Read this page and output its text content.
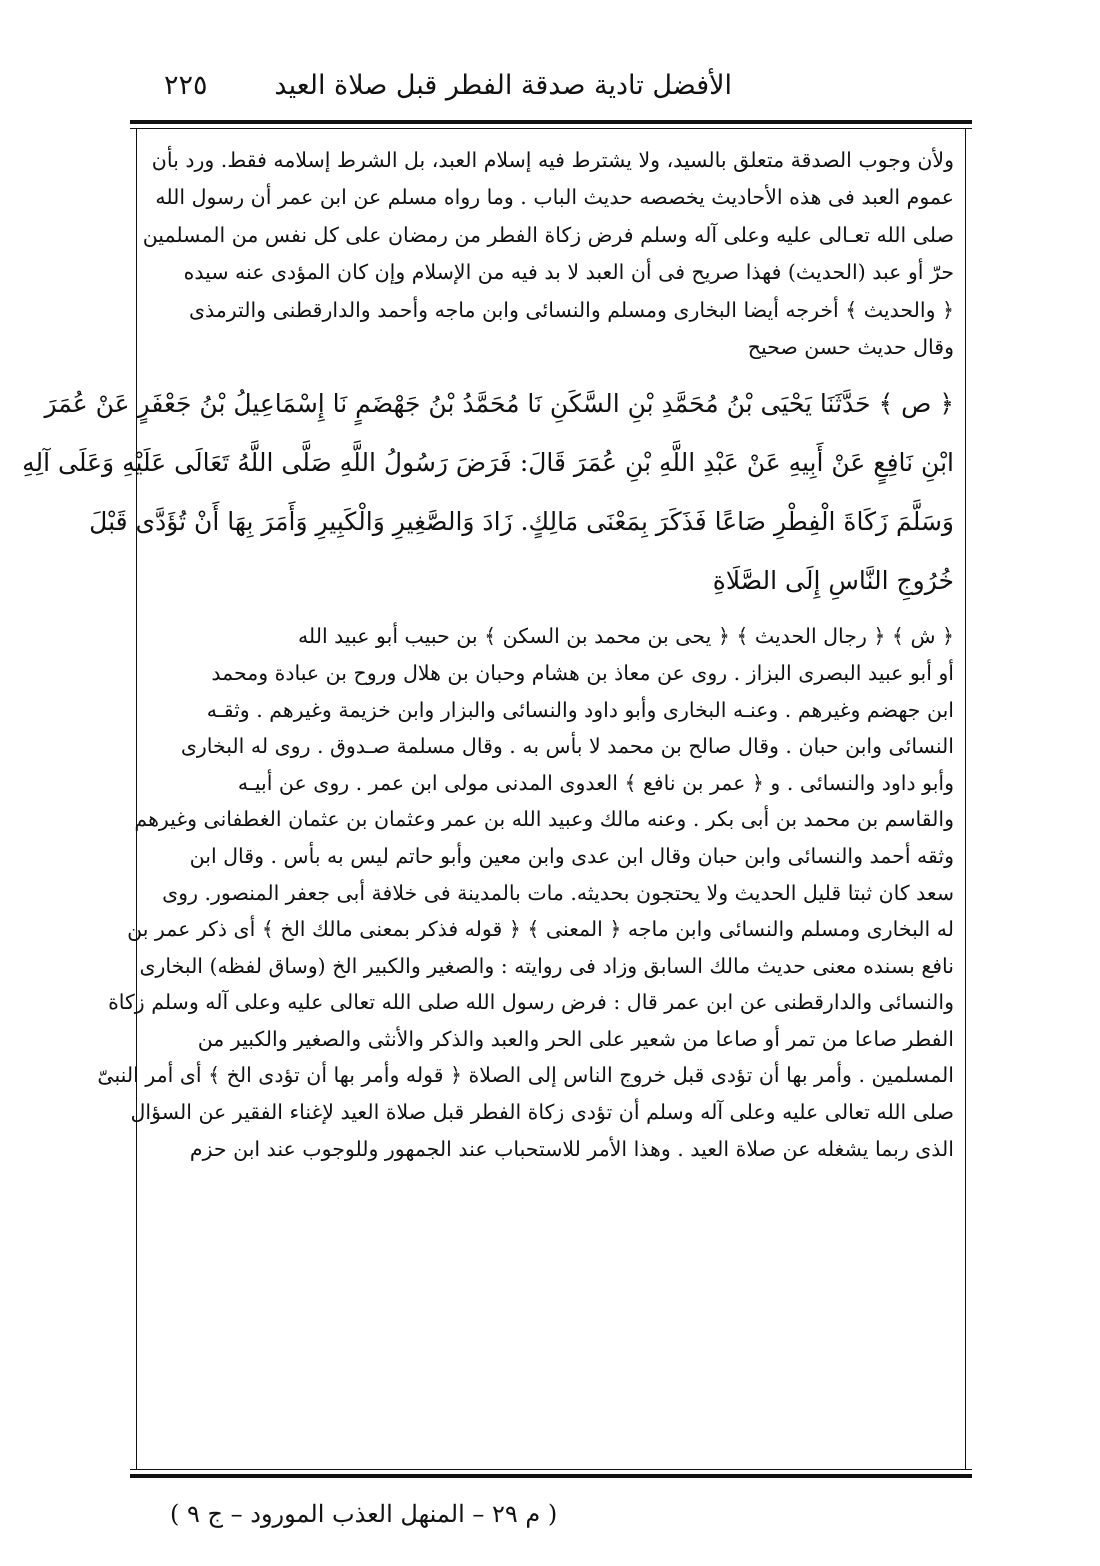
الأفضل تادية صدقة الفطر قبل صلاة العيد
٢٢٥
ولأن وجوب الصدقة متعلق بالسيد، ولا يشترط فيه إسلام العبد، بل الشرط إسلامه فقط. ورد بأن
عموم العبد فى هذه الأحاديث يخصصه حديث الباب . وما رواه مسلم عن ابن عمر أن رسول الله
صلى الله تعـالى عليه وعلى آله وسلم فرض زكاة الفطر من رمضان على كل نفس من المسلمين
حرّ أو عبد (الحديث) فهذا صريح فى أن العبد لا بد فيه من الإسلام وإن كان المؤدى عنه سيده
﴿ والحديث ﴾ أخرجه أيضا البخارى ومسلم والنسائى وابن ماجه وأحمد والدارقطنى والترمذى
وقال حديث حسن صحيح
﴿ ص ﴾ حَدَّثَنَا يَحْيَى بْنُ مُحَمَّدِ بْنِ السَّكَنِ نَا مُحَمَّدُ بْنُ جَهْضَمٍ نَا إِسْمَاعِيلُ بْنُ جَعْفَرٍ عَنْ عُمَرَ
ابْنِ نَافِعٍ عَنْ أَبِيهِ عَنْ عَبْدِ اللَّهِ بْنِ عُمَرَ قَالَ: فَرَضَ رَسُولُ اللَّهِ صَلَّى اللَّهُ تَعَالَى عَلَيْهِ وَعَلَى آلِهِ
وَسَلَّمَ زَكَاةَ الْفِطْرِ صَاعًا فَذَكَرَ بِمَعْنَى مَالِكٍ. زَادَ وَالصَّغِيرِ وَالْكَبِيرِ وَأَمَرَ بِهَا أَنْ تُؤَدَّى قَبْلَ
خُرُوجِ النَّاسِ إِلَى الصَّلَاةِ
﴿ ش ﴾ ﴿ رجال الحديث ﴾ ﴿ يحى بن محمد بن السكن ﴾ بن حبيب أبو عبيد الله
أو أبو عبيد البصرى البزاز . روى عن معاذ بن هشام وحبان بن هلال وروح بن عبادة ومحمد
ابن جهضم وغيرهم . وعنـه البخارى وأبو داود والنسائى والبزار وابن خزيمة وغيرهم . وثقـه
النسائى وابن حبان . وقال صالح بن محمد لا بأس به . وقال مسلمة صـدوق . روى له البخارى
وأبو داود والنسائى . و ﴿ عمر بن نافع ﴾ العدوى المدنى مولى ابن عمر . روى عن أبيـه
والقاسم بن محمد بن أبى بكر . وعنه مالك وعبيد الله بن عمر وعثمان بن عثمان الغطفانى وغيرهم
وثقه أحمد والنسائى وابن حبان وقال ابن عدى وابن معين وأبو حاتم ليس به بأس . وقال ابن
سعد كان ثبتا قليل الحديث ولا يحتجون بحديثه. مات بالمدينة فى خلافة أبى جعفر المنصور. روى
له البخارى ومسلم والنسائى وابن ماجه ﴿ المعنى ﴾ ﴿ قوله فذكر بمعنى مالك الخ ﴾ أى ذكر عمر بن
نافع بسنده معنى حديث مالك السابق وزاد فى روايته : والصغير والكبير الخ (وساق لفظه) البخارى
والنسائى والدارقطنى عن ابن عمر قال : فرض رسول الله صلى الله تعالى عليه وعلى آله وسلم زكاة
الفطر صاعا من تمر أو صاعا من شعير على الحر والعبد والذكر والأنثى والصغير والكبير من
المسلمين . وأمر بها أن تؤدى قبل خروج الناس إلى الصلاة ﴿ قوله وأمر بها أن تؤدى الخ ﴾ أى أمر النبىّ
صلى الله تعالى عليه وعلى آله وسلم أن تؤدى زكاة الفطر قبل صلاة العيد لإغناء الفقير عن السؤال
الذى ربما يشغله عن صلاة العيد . وهذا الأمر للاستحباب عند الجمهور وللوجوب عند ابن حزم
( م ٢٩ – المنهل العذب المورود – ج ٩ )
